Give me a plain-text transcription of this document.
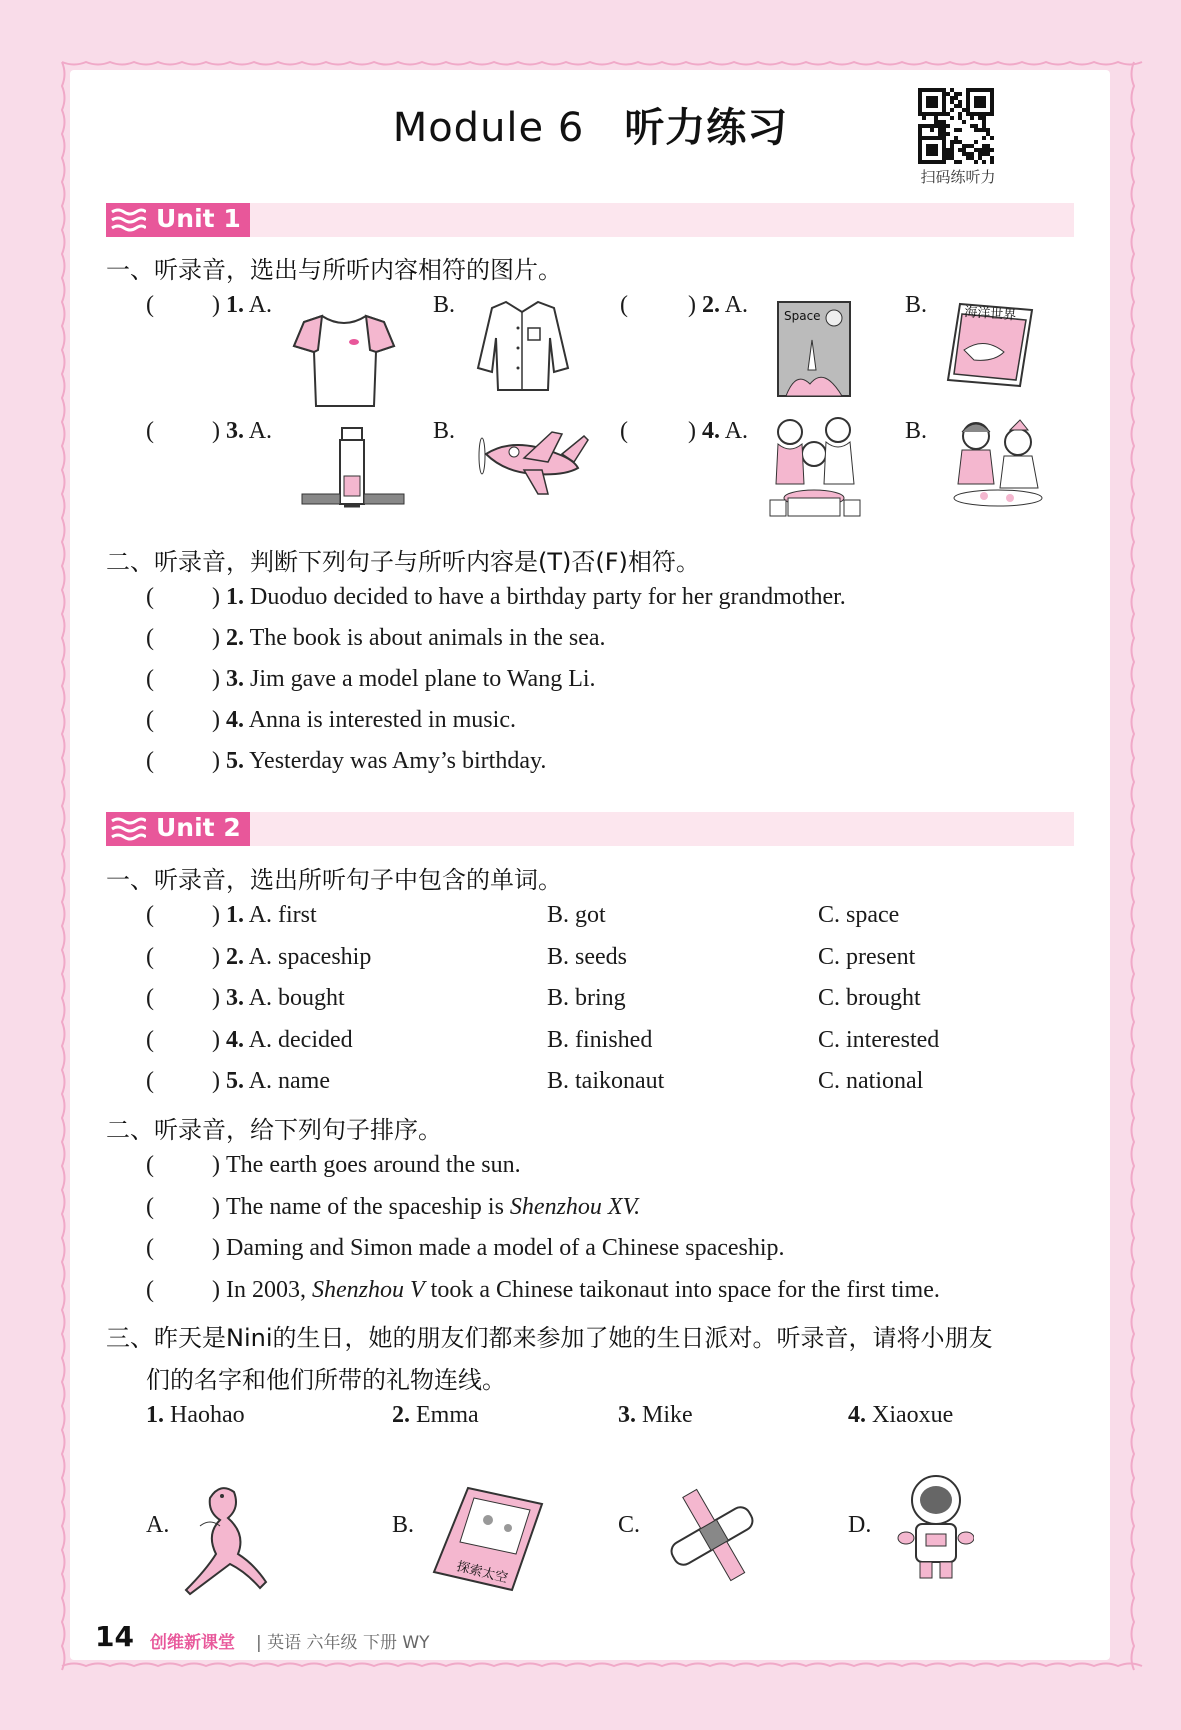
Module 6 听力练习
扫码练听力
Unit 1
一、听录音，选出与所听内容相符的图片。
( ) 1. A.	B.	(	) 2. A.	Space	B.	海洋世界
( ) 3. A.	B.	(	) 4. A.	B.
二、听录音，判断下列句子与所听内容是(T)否(F)相符。
( ) 1. Duoduo decided to have a birthday party for her grandmother.
( ) 2. The book is about animals in the sea.
( ) 3. Jim gave a model plane to Wang Li.
( ) 4. Anna is interested in music.
( ) 5. Yesterday was Amy’s birthday.
Unit 2
一、听录音，选出所听句子中包含的单词。
( ) 1. A. first	B. got	C. space
( ) 2. A. spaceship	B. seeds	C. present
( ) 3. A. bought	B. bring	C. brought
( ) 4. A. decided	B. finished	C. interested
( ) 5. A. name	B. taikonaut	C. national
二、听录音，给下列句子排序。
( ) The earth goes around the sun.
( ) The name of the spaceship is Shenzhou XV.
( ) Daming and Simon made a model of a Chinese spaceship.
( ) In 2003, Shenzhou V took a Chinese taikonaut into space for the first time.
三、昨天是Nini的生日，她的朋友们都来参加了她的生日派对。听录音，请将小朋友
们的名字和他们所带的礼物连线。
1. Haohao	2. Emma	3. Mike	4. Xiaoxue
A.	B.
探索太空
C.	D.
14 创维新课堂 | 英语 六年级 下册 WY
